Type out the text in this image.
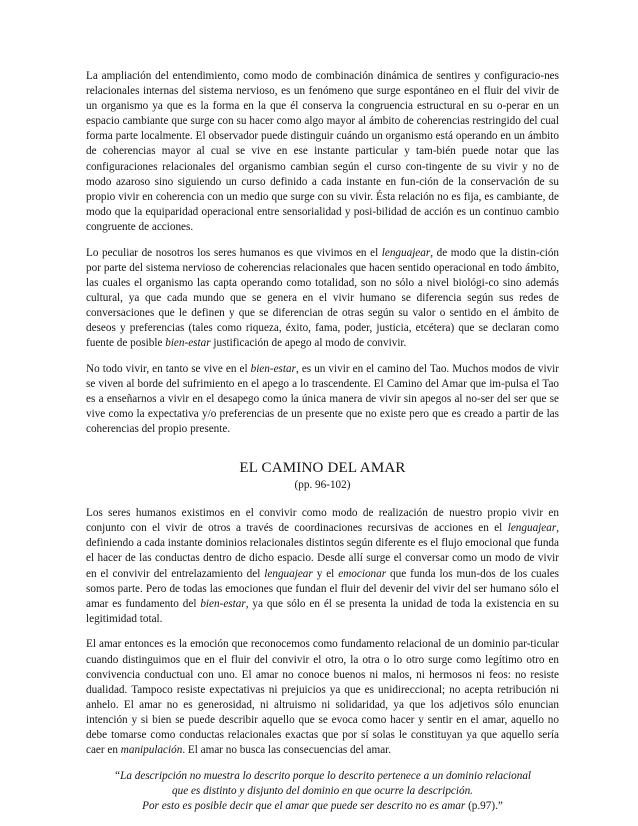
La ampliación del entendimiento, como modo de combinación dinámica de sentires y configuracio-nes relacionales internas del sistema nervioso, es un fenómeno que surge espontáneo en el fluir del vivir de un organismo ya que es la forma en la que él conserva la congruencia estructural en su o-perar en un espacio cambiante que surge con su hacer como algo mayor al ámbito de coherencias restringido del cual forma parte localmente. El observador puede distinguir cuándo un organismo está operando en un ámbito de coherencias mayor al cual se vive en ese instante particular y tam-bién puede notar que las configuraciones relacionales del organismo cambian según el curso con-tingente de su vivir y no de modo azaroso sino siguiendo un curso definido a cada instante en fun-ción de la conservación de su propio vivir en coherencia con un medio que surge con su vivir. Ésta relación no es fija, es cambiante, de modo que la equiparidad operacional entre sensorialidad y posi-bilidad de acción es un continuo cambio congruente de acciones.

Lo peculiar de nosotros los seres humanos es que vivimos en el lenguajear, de modo que la distin-ción por parte del sistema nervioso de coherencias relacionales que hacen sentido operacional en todo ámbito, las cuales el organismo las capta operando como totalidad, son no sólo a nivel biológi-co sino además cultural, ya que cada mundo que se genera en el vivir humano se diferencia según sus redes de conversaciones que le definen y que se diferencian de otras según su valor o sentido en el ámbito de deseos y preferencias (tales como riqueza, éxito, fama, poder, justicia, etcétera) que se declaran como fuente de posible bien-estar justificación de apego al modo de convivir.

No todo vivir, en tanto se vive en el bien-estar, es un vivir en el camino del Tao. Muchos modos de vivir se viven al borde del sufrimiento en el apego a lo trascendente. El Camino del Amar que im-pulsa el Tao es a enseñarnos a vivir en el desapego como la única manera de vivir sin apegos al no-ser del ser que se vive como la expectativa y/o preferencias de un presente que no existe pero que es creado a partir de las coherencias del propio presente.

EL CAMINO DEL AMAR
(pp. 96-102)

Los seres humanos existimos en el convivir como modo de realización de nuestro propio vivir en conjunto con el vivir de otros a través de coordinaciones recursivas de acciones en el lenguajear, definiendo a cada instante dominios relacionales distintos según diferente es el flujo emocional que funda el hacer de las conductas dentro de dicho espacio. Desde allí surge el conversar como un modo de vivir en el convivir del entrelazamiento del lenguajear y el emocionar que funda los mun-dos de los cuales somos parte. Pero de todas las emociones que fundan el fluir del devenir del vivir del ser humano sólo el amar es fundamento del bien-estar, ya que sólo en él se presenta la unidad de toda la existencia en su legitimidad total.

El amar entonces es la emoción que reconocemos como fundamento relacional de un dominio par-ticular cuando distinguimos que en el fluir del convivir el otro, la otra o lo otro surge como legítimo otro en convivencia conductual con uno. El amar no conoce buenos ni malos, ni hermosos ni feos: no resiste dualidad. Tampoco resiste expectativas ni prejuicios ya que es unidireccional; no acepta retribución ni anhelo. El amar no es generosidad, ni altruismo ni solidaridad, ya que los adjetivos sólo enuncian intención y si bien se puede describir aquello que se evoca como hacer y sentir en el amar, aquello no debe tomarse como conductas relacionales exactas que por sí solas le constituyan ya que aquello sería caer en manipulación. El amar no busca las consecuencias del amar.

“La descripción no muestra lo descrito porque lo descrito pertenece a un dominio relacional
que es distinto y disjunto del dominio en que ocurre la descripción.
Por esto es posible decir que el amar que puede ser descrito no es amar (p.97).”
